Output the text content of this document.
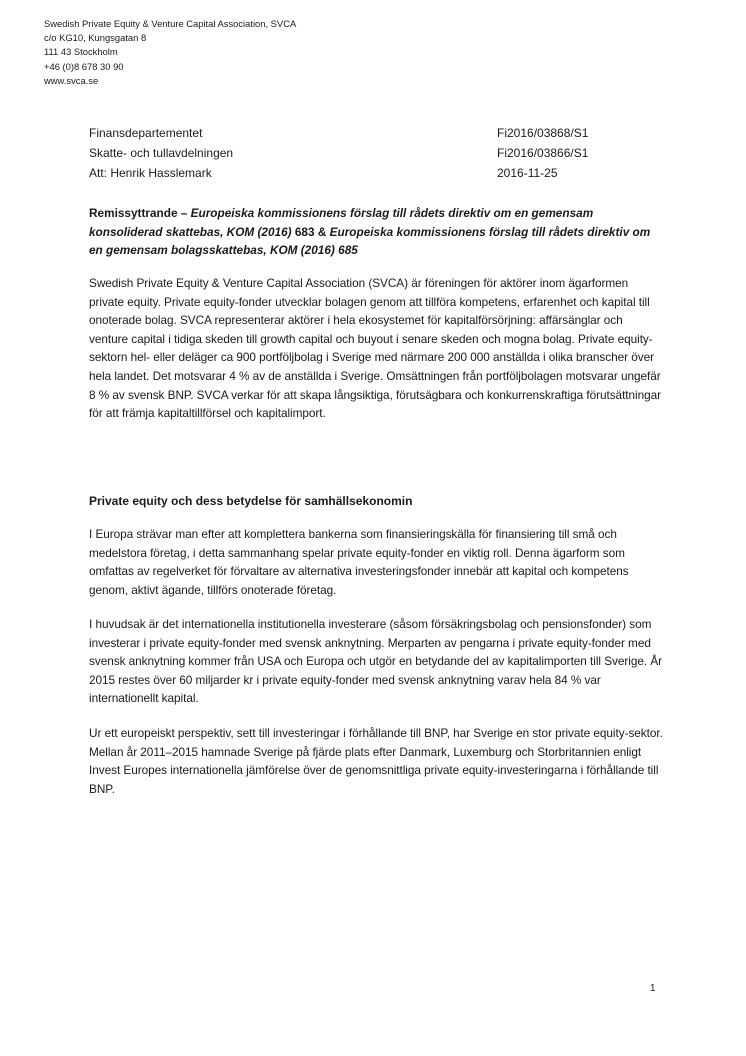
Swedish Private Equity & Venture Capital Association, SVCA
c/o KG10, Kungsgatan 8
111 43 Stockholm
+46 (0)8 678 30 90
www.svca.se
Finansdepartementet
Skatte- och tullavdelningen
Att: Henrik Hasslemark
Fi2016/03868/S1
Fi2016/03866/S1
2016-11-25
Remissyttrande – Europeiska kommissionens förslag till rådets direktiv om en gemensam konsoliderad skattebas, KOM (2016) 683 & Europeiska kommissionens förslag till rådets direktiv om en gemensam bolagsskattebas, KOM (2016) 685
Swedish Private Equity & Venture Capital Association (SVCA) är föreningen för aktörer inom ägarformen private equity. Private equity-fonder utvecklar bolagen genom att tillföra kompetens, erfarenhet och kapital till onoterade bolag. SVCA representerar aktörer i hela ekosystemet för kapitalförsörjning: affärsänglar och venture capital i tidiga skeden till growth capital och buyout i senare skeden och mogna bolag. Private equity-sektorn hel- eller deläger ca 900 portföljbolag i Sverige med närmare 200 000 anställda i olika branscher över hela landet. Det motsvarar 4 % av de anställda i Sverige. Omsättningen från portföljbolagen motsvarar ungefär 8 % av svensk BNP. SVCA verkar för att skapa långsiktiga, förutsägbara och konkurrenskraftiga förutsättningar för att främja kapitaltillförsel och kapitalimport.
Private equity och dess betydelse för samhällsekonomin
I Europa strävar man efter att komplettera bankerna som finansieringskälla för finansiering till små och medelstora företag, i detta sammanhang spelar private equity-fonder en viktig roll. Denna ägarform som omfattas av regelverket för förvaltare av alternativa investeringsfonder innebär att kapital och kompetens genom, aktivt ägande, tillförs onoterade företag.
I huvudsak är det internationella institutionella investerare (såsom försäkringsbolag och pensionsfonder) som investerar i private equity-fonder med svensk anknytning. Merparten av pengarna i private equity-fonder med svensk anknytning kommer från USA och Europa och utgör en betydande del av kapitalimporten till Sverige. År 2015 restes över 60 miljarder kr i private equity-fonder med svensk anknytning varav hela 84 % var internationellt kapital.
Ur ett europeiskt perspektiv, sett till investeringar i förhållande till BNP, har Sverige en stor private equity-sektor. Mellan år 2011–2015 hamnade Sverige på fjärde plats efter Danmark, Luxemburg och Storbritannien enligt Invest Europes internationella jämförelse över de genomsnittliga private equity-investeringarna i förhållande till BNP.
1
